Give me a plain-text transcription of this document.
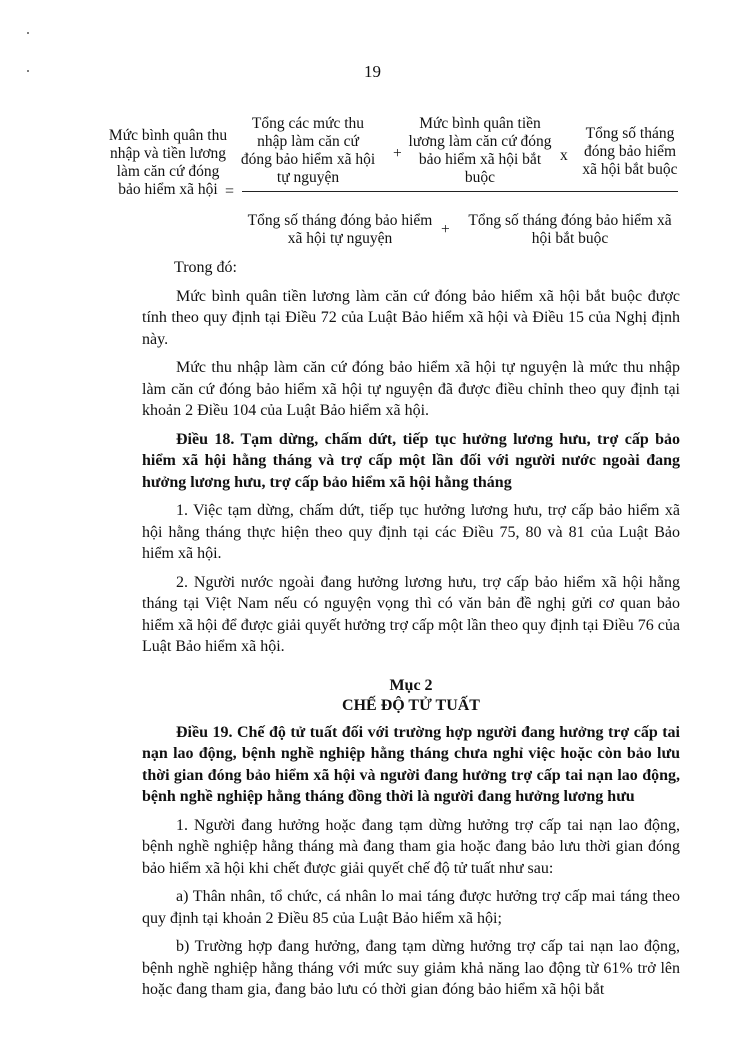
19
Mức bình quân thu nhập và tiền lương làm căn cứ đóng bảo hiểm xã hội =
Tổng các mức thu nhập làm căn cứ đóng bảo hiểm xã hội tự nguyện
+
Mức bình quân tiền lương làm căn cứ đóng bảo hiểm xã hội bắt buộc
x
Tổng số tháng đóng bảo hiểm xã hội bắt buộc
Tổng số tháng đóng bảo hiểm xã hội tự nguyện
+
Tổng số tháng đóng bảo hiểm xã hội bắt buộc

Trong đó:

Mức bình quân tiền lương làm căn cứ đóng bảo hiểm xã hội bắt buộc được tính theo quy định tại Điều 72 của Luật Bảo hiểm xã hội và Điều 15 của Nghị định này.

Mức thu nhập làm căn cứ đóng bảo hiểm xã hội tự nguyện là mức thu nhập làm căn cứ đóng bảo hiểm xã hội tự nguyện đã được điều chỉnh theo quy định tại khoản 2 Điều 104 của Luật Bảo hiểm xã hội.

Điều 18. Tạm dừng, chấm dứt, tiếp tục hưởng lương hưu, trợ cấp bảo hiểm xã hội hằng tháng và trợ cấp một lần đối với người nước ngoài đang hưởng lương hưu, trợ cấp bảo hiểm xã hội hằng tháng

1. Việc tạm dừng, chấm dứt, tiếp tục hưởng lương hưu, trợ cấp bảo hiểm xã hội hằng tháng thực hiện theo quy định tại các Điều 75, 80 và 81 của Luật Bảo hiểm xã hội.

2. Người nước ngoài đang hưởng lương hưu, trợ cấp bảo hiểm xã hội hằng tháng tại Việt Nam nếu có nguyện vọng thì có văn bản đề nghị gửi cơ quan bảo hiểm xã hội để được giải quyết hưởng trợ cấp một lần theo quy định tại Điều 76 của Luật Bảo hiểm xã hội.

Mục 2
CHẾ ĐỘ TỬ TUẤT

Điều 19. Chế độ tử tuất đối với trường hợp người đang hưởng trợ cấp tai nạn lao động, bệnh nghề nghiệp hằng tháng chưa nghỉ việc hoặc còn bảo lưu thời gian đóng bảo hiểm xã hội và người đang hưởng trợ cấp tai nạn lao động, bệnh nghề nghiệp hằng tháng đồng thời là người đang hưởng lương hưu

1. Người đang hưởng hoặc đang tạm dừng hưởng trợ cấp tai nạn lao động, bệnh nghề nghiệp hằng tháng mà đang tham gia hoặc đang bảo lưu thời gian đóng bảo hiểm xã hội khi chết được giải quyết chế độ tử tuất như sau:

a) Thân nhân, tổ chức, cá nhân lo mai táng được hưởng trợ cấp mai táng theo quy định tại khoản 2 Điều 85 của Luật Bảo hiểm xã hội;

b) Trường hợp đang hưởng, đang tạm dừng hưởng trợ cấp tai nạn lao động, bệnh nghề nghiệp hằng tháng với mức suy giảm khả năng lao động từ 61% trở lên hoặc đang tham gia, đang bảo lưu có thời gian đóng bảo hiểm xã hội bắt
